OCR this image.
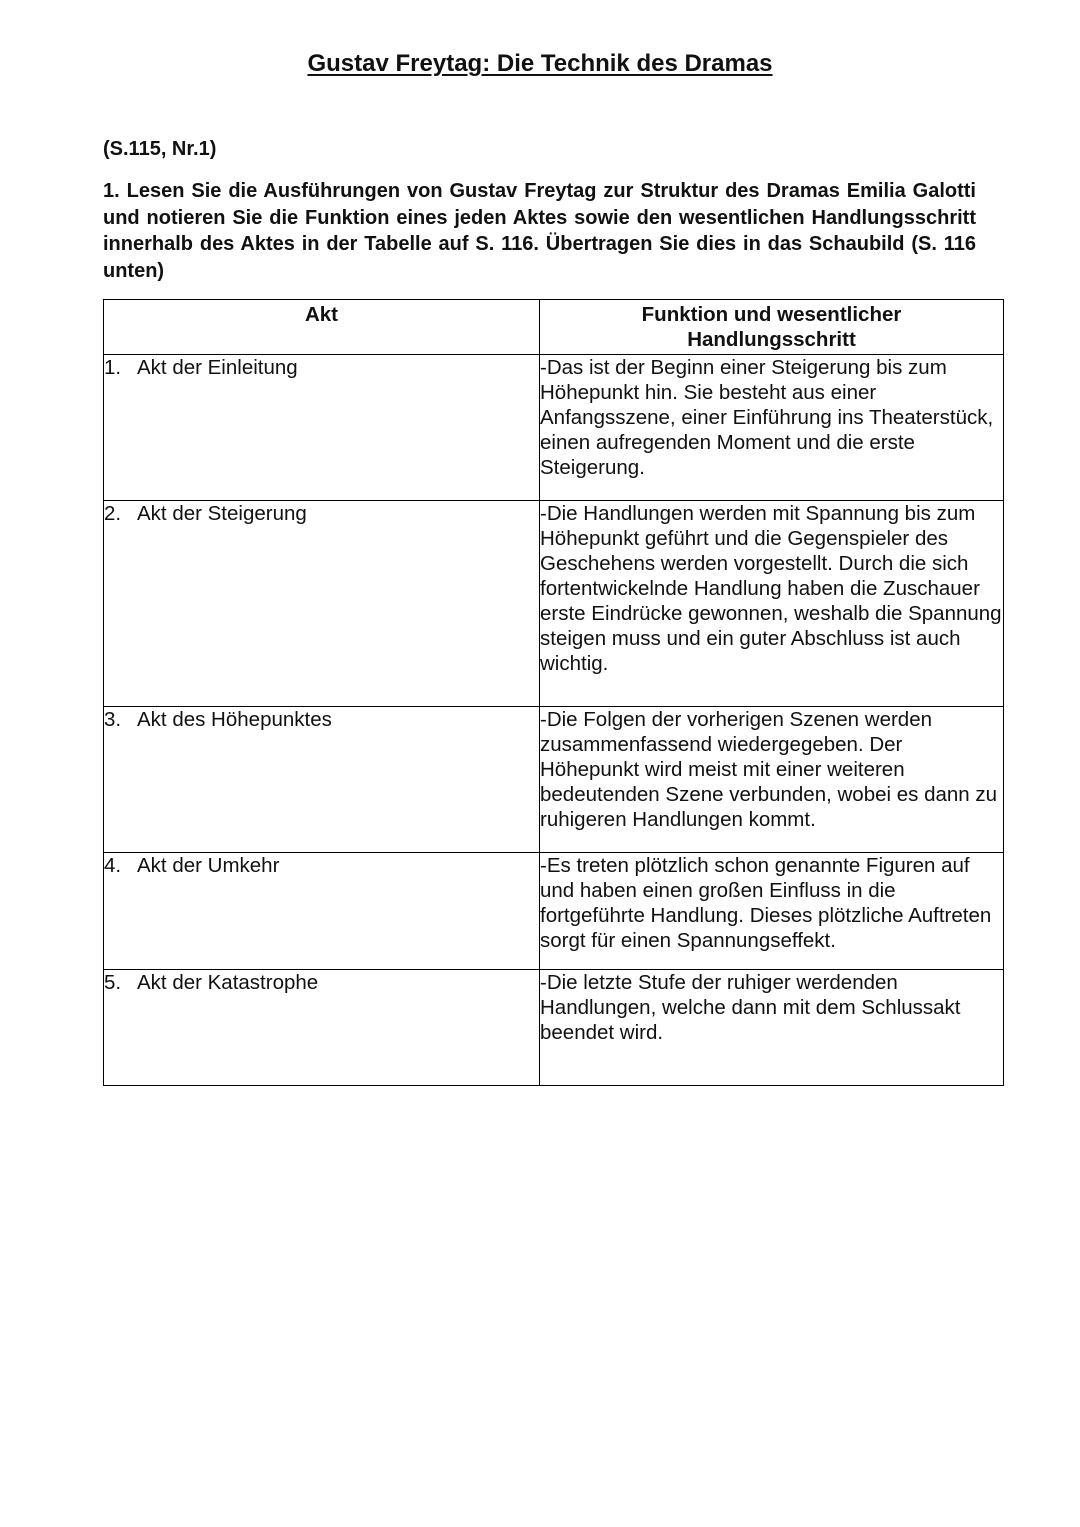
Gustav Freytag: Die Technik des Dramas

(S.115, Nr.1)

1. Lesen Sie die Ausführungen von Gustav Freytag zur Struktur des Dramas Emilia Galotti und notieren Sie die Funktion eines jeden Aktes sowie den wesentlichen Handlungsschritt innerhalb des Aktes in der Tabelle auf S. 116. Übertragen Sie dies in das Schaubild (S. 116 unten)

Akt	Funktion und wesentlicher Handlungsschritt
1. Akt der Einleitung	-Das ist der Beginn einer Steigerung bis zum Höhepunkt hin. Sie besteht aus einer Anfangsszene, einer Einführung ins Theaterstück, einen aufregenden Moment und die erste Steigerung.
2. Akt der Steigerung	-Die Handlungen werden mit Spannung bis zum Höhepunkt geführt und die Gegenspieler des Geschehens werden vorgestellt. Durch die sich fortentwickelnde Handlung haben die Zuschauer erste Eindrücke gewonnen, weshalb die Spannung steigen muss und ein guter Abschluss ist auch wichtig.
3. Akt des Höhepunktes	-Die Folgen der vorherigen Szenen werden zusammenfassend wiedergegeben. Der Höhepunkt wird meist mit einer weiteren bedeutenden Szene verbunden, wobei es dann zu ruhigeren Handlungen kommt.
4. Akt der Umkehr	-Es treten plötzlich schon genannte Figuren auf und haben einen großen Einfluss in die fortgeführte Handlung. Dieses plötzliche Auftreten sorgt für einen Spannungseffekt.
5. Akt der Katastrophe	-Die letzte Stufe der ruhiger werdenden Handlungen, welche dann mit dem Schlussakt beendet wird.
